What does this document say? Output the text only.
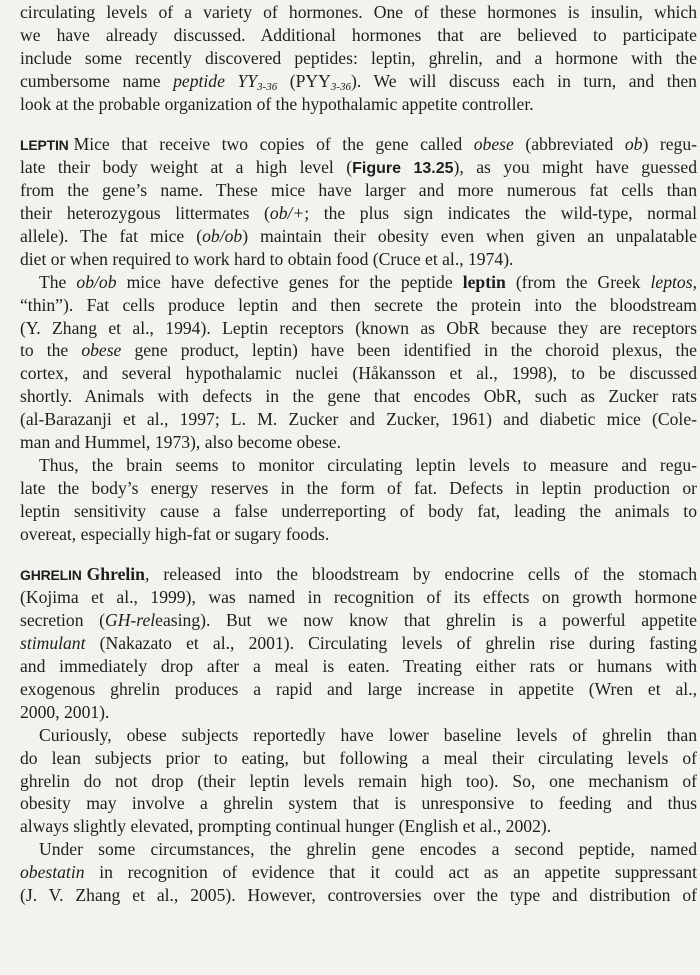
circulating levels of a variety of hormones. One of these hormones is insulin, which
we have already discussed. Additional hormones that are believed to participate
include some recently discovered peptides: leptin, ghrelin, and a hormone with the
cumbersome name peptide $YY_{3-36}$ $(PYY_{3-36})$. We will discuss each in turn, and then
look at the probable organization of the hypothalamic appetite controller.
LEPTIN Mice that receive two copies of the gene called obese (abbreviated ob) regu-
late their body weight at a high level (Figure 13.25), as you might have guessed
from the gene’s name. These mice have larger and more numerous fat cells than
their heterozygous littermates (ob/+; the plus sign indicates the wild-type, normal
allele). The fat mice (ob/ob) maintain their obesity even when given an unpalatable
diet or when required to work hard to obtain food (Cruce et al., 1974).
The ob/ob mice have defective genes for the peptide leptin (from the Greek leptos,
“thin”). Fat cells produce leptin and then secrete the protein into the bloodstream
(Y. Zhang et al., 1994). Leptin receptors (known as ObR because they are receptors
to the obese gene product, leptin) have been identified in the choroid plexus, the
cortex, and several hypothalamic nuclei (Håkansson et al., 1998), to be discussed
shortly. Animals with defects in the gene that encodes ObR, such as Zucker rats
(al-Barazanji et al., 1997; L. M. Zucker and Zucker, 1961) and diabetic mice (Cole-
man and Hummel, 1973), also become obese.
Thus, the brain seems to monitor circulating leptin levels to measure and regu-
late the body’s energy reserves in the form of fat. Defects in leptin production or
leptin sensitivity cause a false underreporting of body fat, leading the animals to
overeat, especially high-fat or sugary foods.
GHRELIN Ghrelin, released into the bloodstream by endocrine cells of the stomach
(Kojima et al., 1999), was named in recognition of its effects on growth hormone
secretion (GH-releasing). But we now know that ghrelin is a powerful appetite
stimulant (Nakazato et al., 2001). Circulating levels of ghrelin rise during fasting
and immediately drop after a meal is eaten. Treating either rats or humans with
exogenous ghrelin produces a rapid and large increase in appetite (Wren et al.,
2000, 2001).
Curiously, obese subjects reportedly have lower baseline levels of ghrelin than
do lean subjects prior to eating, but following a meal their circulating levels of
ghrelin do not drop (their leptin levels remain high too). So, one mechanism of
obesity may involve a ghrelin system that is unresponsive to feeding and thus
always slightly elevated, prompting continual hunger (English et al., 2002).
Under some circumstances, the ghrelin gene encodes a second peptide, named
obestatin in recognition of evidence that it could act as an appetite suppressant
(J. V. Zhang et al., 2005). However, controversies over the type and distribution of
